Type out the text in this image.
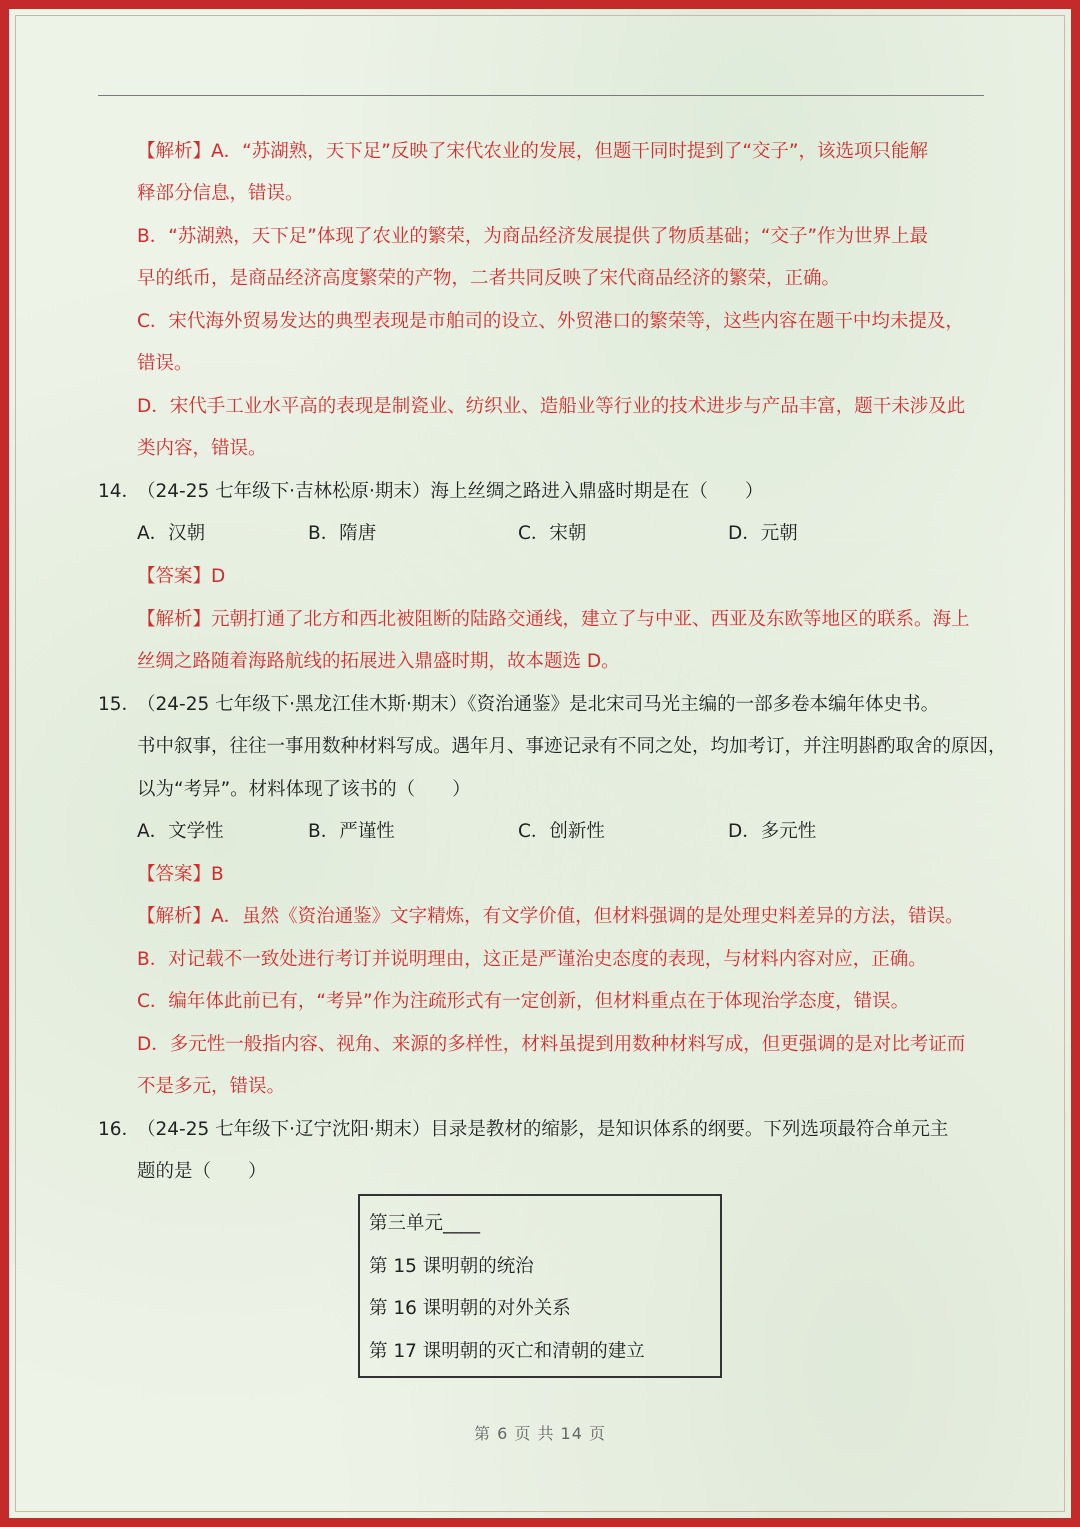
【解析】A．“苏湖熟，天下足”反映了宋代农业的发展，但题干同时提到了“交子”，该选项只能解
释部分信息，错误。
B．“苏湖熟，天下足”体现了农业的繁荣，为商品经济发展提供了物质基础；“交子”作为世界上最
早的纸币，是商品经济高度繁荣的产物，二者共同反映了宋代商品经济的繁荣，正确。
C．宋代海外贸易发达的典型表现是市舶司的设立、外贸港口的繁荣等，这些内容在题干中均未提及，
错误。
D．宋代手工业水平高的表现是制瓷业、纺织业、造船业等行业的技术进步与产品丰富，题干未涉及此
类内容，错误。
14．
（24-25 七年级下·吉林松原·期末）海上丝绸之路进入鼎盛时期是在（　　）
A．汉朝	B．隋唐	C．宋朝	D．元朝
【答案】D
【解析】元朝打通了北方和西北被阻断的陆路交通线，建立了与中亚、西亚及东欧等地区的联系。海上
丝绸之路随着海路航线的拓展进入鼎盛时期，故本题选 D。
15．
（24-25 七年级下·黑龙江佳木斯·期末）《资治通鉴》是北宋司马光主编的一部多卷本编年体史书。
书中叙事，往往一事用数种材料写成。遇年月、事迹记录有不同之处，均加考订，并注明斟酌取舍的原因，
以为“考异”。材料体现了该书的（　　）
A．文学性	B．严谨性	C．创新性	D．多元性
【答案】B
【解析】A．虽然《资治通鉴》文字精炼，有文学价值，但材料强调的是处理史料差异的方法，错误。
B．对记载不一致处进行考订并说明理由，这正是严谨治史态度的表现，与材料内容对应，正确。
C．编年体此前已有，“考异”作为注疏形式有一定创新，但材料重点在于体现治学态度，错误。
D．多元性一般指内容、视角、来源的多样性，材料虽提到用数种材料写成，但更强调的是对比考证而
不是多元，错误。
16．
（24-25 七年级下·辽宁沈阳·期末）目录是教材的缩影，是知识体系的纲要。下列选项最符合单元主
题的是（　　）
第三单元____
第 15 课明朝的统治
第 16 课明朝的对外关系
第 17 课明朝的灭亡和清朝的建立
第 6 页 共 14 页
